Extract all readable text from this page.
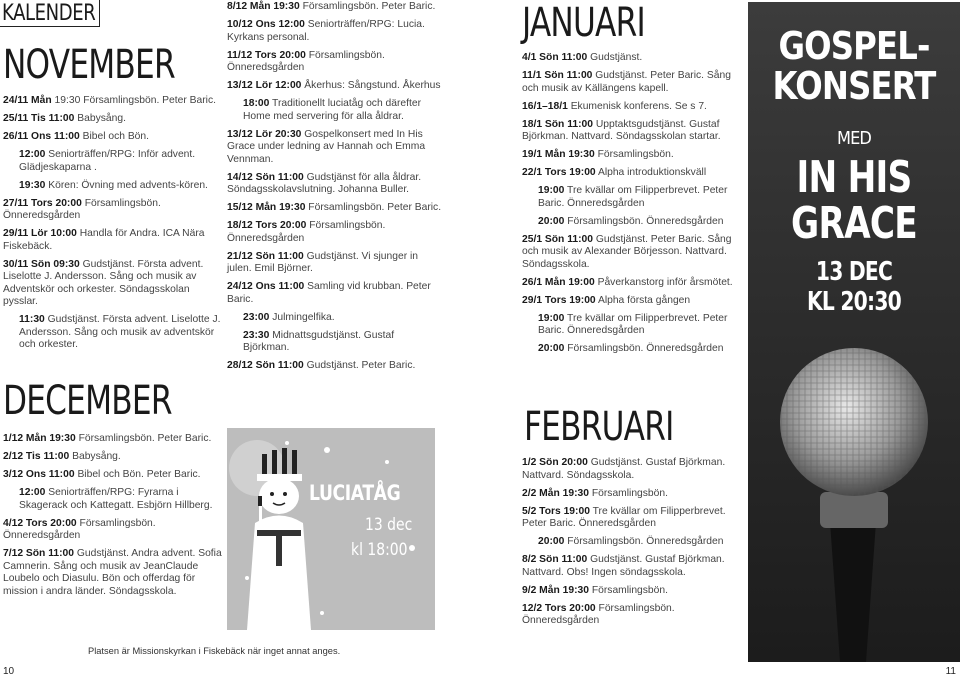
KALENDER
NOVEMBER
24/11 Mån 19:30 Församlingsbön. Peter Baric.
25/11 Tis 11:00 Babysång.
26/11 Ons 11:00 Bibel och Bön.
12:00 Seniorträffen/RPG: Inför advent. Glädjeskaparna .
19:30 Kören: Övning med advents-kören.
27/11 Tors 20:00 Församlingsbön. Önneredsgården
29/11 Lör 10:00 Handla för Andra. ICA Nära Fiskebäck.
30/11 Sön 09:30 Gudstjänst. Första advent. Liselotte J. Andersson. Sång och musik av Adventskör och orkester. Söndagsskolan pysslar.
11:30 Gudstjänst. Första advent. Liselotte J. Andersson. Sång och musik av adventskör och orkester.
DECEMBER
1/12 Mån 19:30 Församlingsbön. Peter Baric.
2/12 Tis 11:00 Babysång.
3/12 Ons 11:00 Bibel och Bön. Peter Baric.
12:00 Seniorträffen/RPG: Fyrarna i Skagerack och Kattegatt. Esbjörn Hillberg.
4/12 Tors 20:00 Församlingsbön. Önneredsgården
7/12 Sön 11:00 Gudstjänst. Andra advent. Sofia Camnerin. Sång och musik av JeanClaude Loubelo och Diasulu. Bön och offerdag för mission i andra länder. Söndagsskola.
8/12 Mån 19:30 Församlingsbön. Peter Baric.
10/12 Ons 12:00 Seniorträffen/RPG: Lucia. Kyrkans personal.
11/12 Tors 20:00 Församlingsbön. Önneredsgården
13/12 Lör 12:00 Åkerhus: Sångstund. Åkerhus
18:00 Traditionellt luciatåg och därefter Home med servering för alla åldrar.
13/12 Lör 20:30 Gospelkonsert med In His Grace under ledning av Hannah och Emma Vennman.
14/12 Sön 11:00 Gudstjänst för alla åldrar. Söndagsskolavslutning. Johanna Buller.
15/12 Mån 19:30 Församlingsbön. Peter Baric.
18/12 Tors 20:00 Församlingsbön. Önneredsgården
21/12 Sön 11:00 Gudstjänst. Vi sjunger in julen. Emil Björner.
24/12 Ons 11:00 Samling vid krubban. Peter Baric.
23:00 Julmingelfika.
23:30 Midnattsgudstjänst. Gustaf Björkman.
28/12 Sön 11:00 Gudstjänst. Peter Baric.
LUCIATÅG
13 dec
kl 18:00
Platsen är Missionskyrkan i Fiskebäck när inget annat anges.
10
JANUARI
4/1 Sön 11:00 Gudstjänst.
11/1 Sön 11:00 Gudstjänst. Peter Baric. Sång och musik av Källängens kapell.
16/1–18/1 Ekumenisk konferens. Se s 7.
18/1 Sön 11:00 Upptaktsgudstjänst. Gustaf Björkman. Nattvard. Söndagsskolan startar.
19/1 Mån 19:30 Församlingsbön.
22/1 Tors 19:00 Alpha introduktionskväll
19:00 Tre kvällar om Filipperbrevet. Peter Baric. Önneredsgården
20:00 Församlingsbön. Önneredsgården
25/1 Sön 11:00 Gudstjänst. Peter Baric. Sång och musik av Alexander Börjesson. Nattvard. Söndagsskola.
26/1 Mån 19:00 Påverkanstorg inför årsmötet.
29/1 Tors 19:00 Alpha första gången
19:00 Tre kvällar om Filipperbrevet. Peter Baric. Önneredsgården
20:00 Församlingsbön. Önneredsgården
FEBRUARI
1/2 Sön 20:00 Gudstjänst. Gustaf Björkman. Nattvard. Söndagsskola.
2/2 Mån 19:30 Församlingsbön.
5/2 Tors 19:00 Tre kvällar om Filipperbrevet. Peter Baric. Önneredsgården
20:00 Församlingsbön. Önneredsgården
8/2 Sön 11:00 Gudstjänst. Gustaf Björkman. Nattvard. Obs! Ingen söndagsskola.
9/2 Mån 19:30 Församlingsbön.
12/2 Tors 20:00 Församlingsbön. Önneredsgården
GOSPEL-
KONSERT
MED
IN HIS
GRACE
13 DEC
KL 20:30
11
